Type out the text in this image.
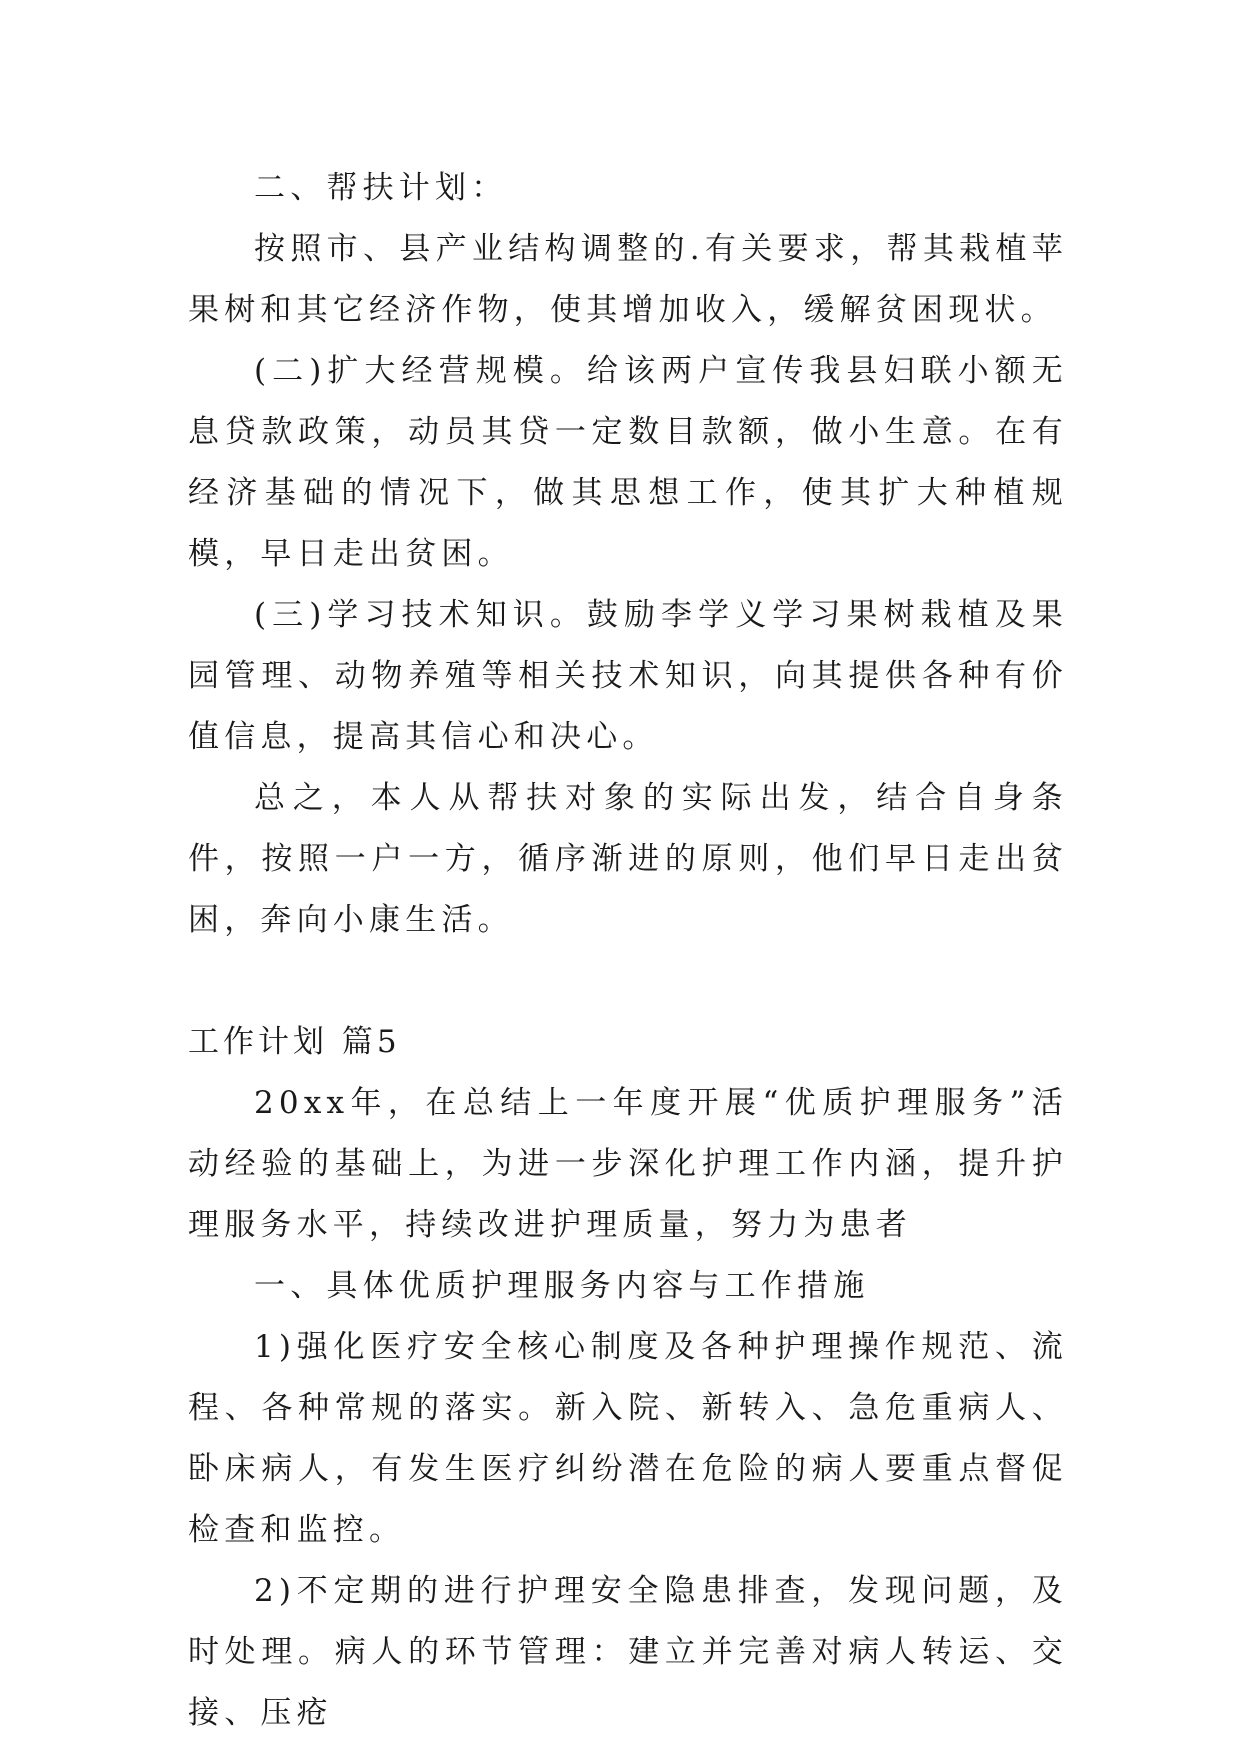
二、帮扶计划：

按照市、县产业结构调整的.有关要求，帮其栽植苹果树和其它经济作物，使其增加收入，缓解贫困现状。

(二)扩大经营规模。给该两户宣传我县妇联小额无息贷款政策，动员其贷一定数目款额，做小生意。在有经济基础的情况下，做其思想工作，使其扩大种植规模，早日走出贫困。

(三)学习技术知识。鼓励李学义学习果树栽植及果园管理、动物养殖等相关技术知识，向其提供各种有价值信息，提高其信心和决心。

总之，本人从帮扶对象的实际出发，结合自身条件，按照一户一方，循序渐进的原则，他们早日走出贫困，奔向小康生活。

工作计划 篇5

20xx年，在总结上一年度开展“优质护理服务”活动经验的基础上，为进一步深化护理工作内涵，提升护理服务水平，持续改进护理质量，努力为患者

一、具体优质护理服务内容与工作措施

1)强化医疗安全核心制度及各种护理操作规范、流程、各种常规的落实。新入院、新转入、急危重病人、卧床病人，有发生医疗纠纷潜在危险的病人要重点督促检查和监控。

2)不定期的进行护理安全隐患排查，发现问题，及时处理。病人的环节管理：建立并完善对病人转运、交接、压疮
